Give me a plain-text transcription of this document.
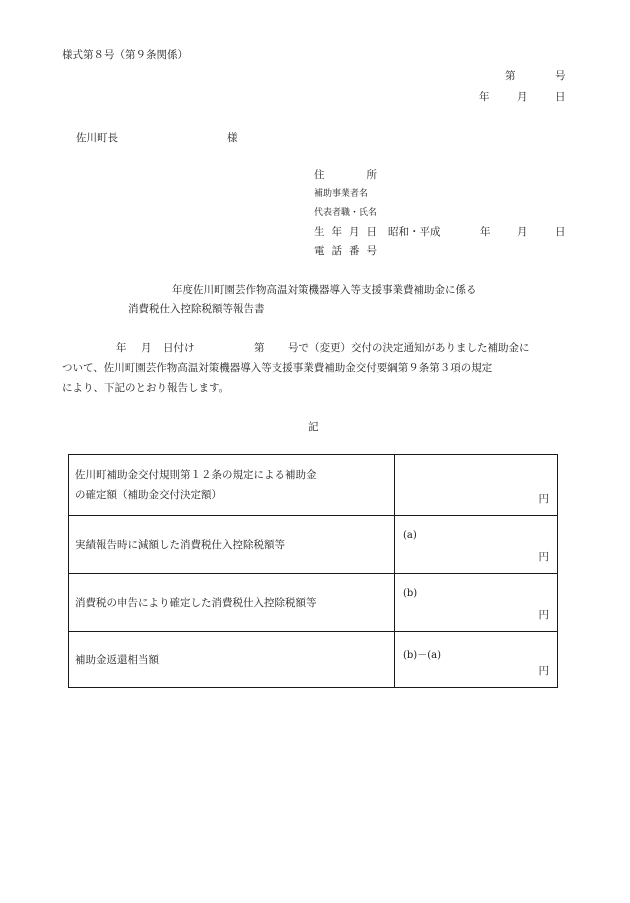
様式第８号（第９条関係）
第	号
年	月	日
佐川町長	様
住	所
補助事業者名
代表者職・氏名
生 年 月 日 昭和・平成	年	月	日
電 話 番 号
年度佐川町園芸作物高温対策機器導入等支援事業費補助金に係る
消費税仕入控除税額等報告書
年 月 日付け	第 号で（変更）交付の決定通知がありました補助金に
ついて、佐川町園芸作物高温対策機器導入等支援事業費補助金交付要綱第９条第３項の規定
により、下記のとおり報告します。
記
佐川町補助金交付規則第１２条の規定による補助金
の確定額（補助金交付決定額）	円

実績報告時に減額した消費税仕入控除税額等	(a)
円

消費税の申告により確定した消費税仕入控除税額等	(b)
円

補助金返還相当額	(b)－(a)
円
